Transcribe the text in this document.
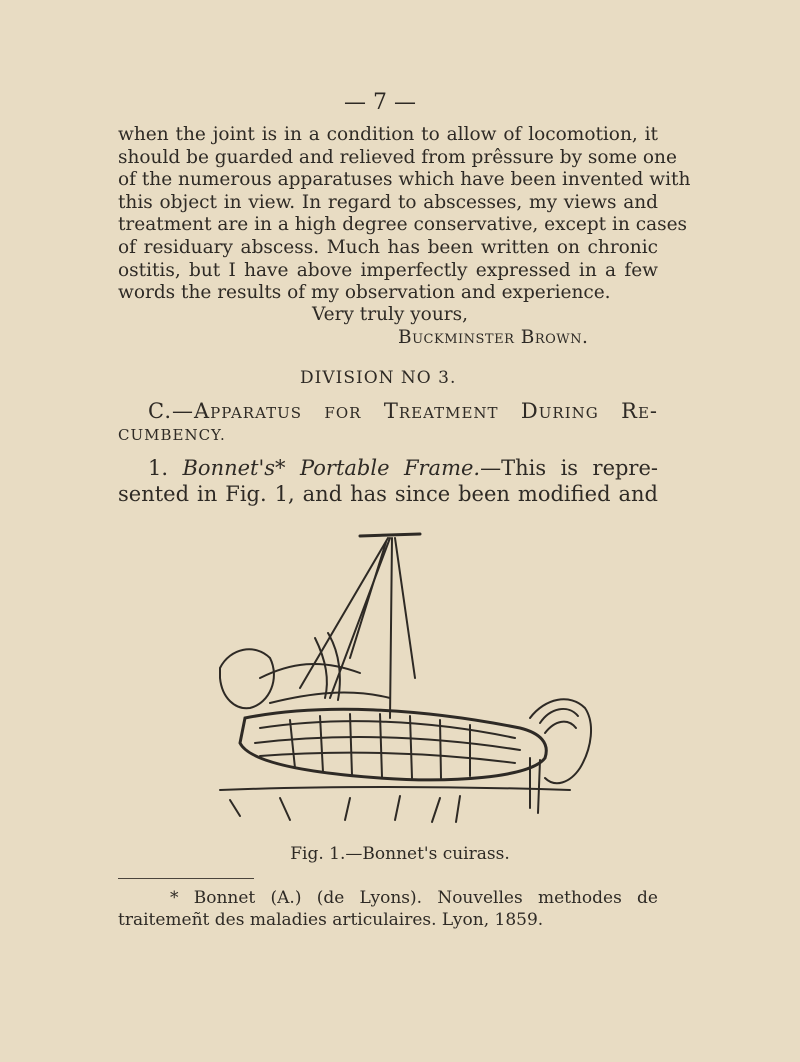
— 7 —
when the joint is in a condition to allow of locomotion, it
should be guarded and relieved from prêssure by some one
of the numerous apparatuses which have been invented with
this object in view. In regard to abscesses, my views and
treatment are in a high degree conservative, except in cases
of residuary abscess. Much has been written on chronic
ostitis, but I have above imperfectly expressed in a few
words the results of my observation and experience.
Very truly yours,
Buckminster Brown.
DIVISION NO 3.
C.—Apparatus for Treatment During Re-
CUMBENCY.
1. Bonnet's* Portable Frame.—This is repre-
sented in Fig. 1, and has since been modified and
Fig. 1.—Bonnet's cuirass.
* Bonnet (A.) (de Lyons). Nouvelles methodes de
traitemeñt des maladies articulaires. Lyon, 1859.
